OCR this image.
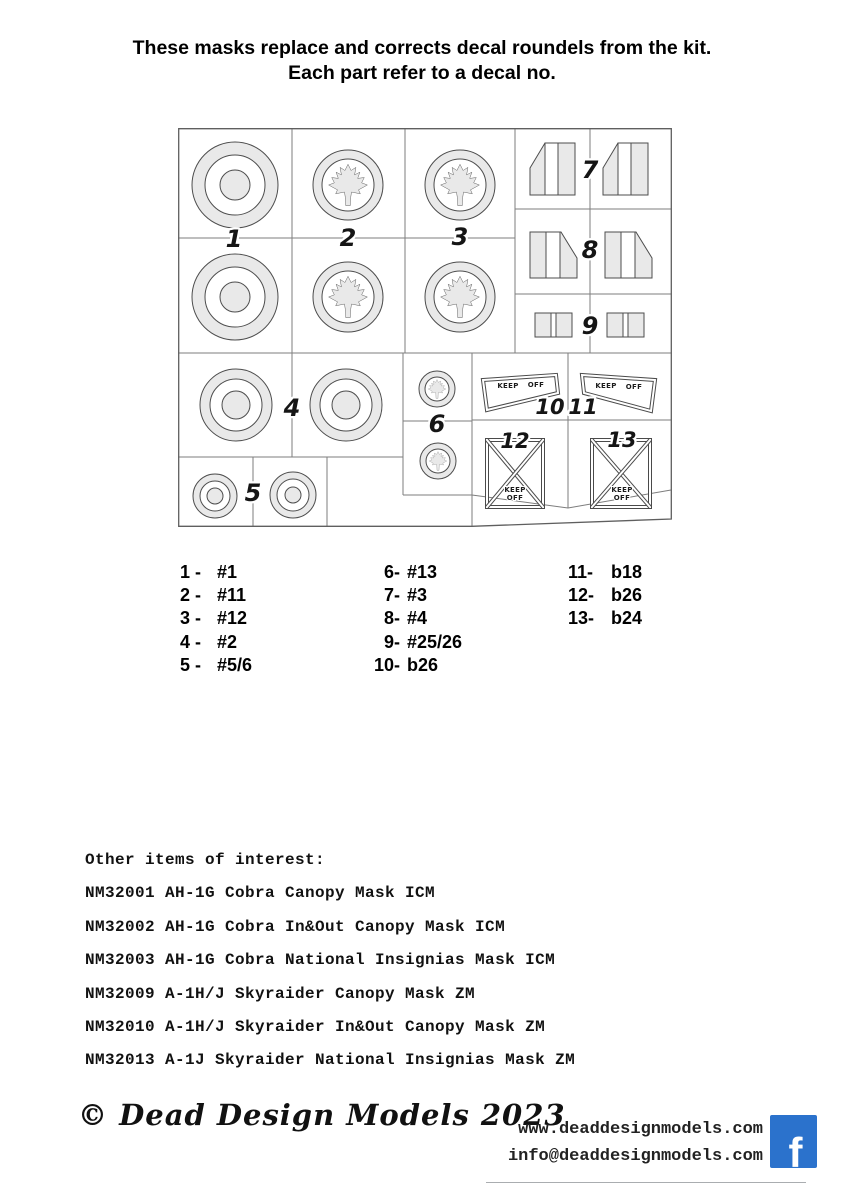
These masks replace and corrects decal roundels from the kit.
Each part refer to a decal no.
KEEP OFF	KEEP OFF
KEEP
OFF
KEEP
OFF
1	2	3
4
5
6
7
8
9
10 11
12	13
1 - #1
2 - #11
3 - #12
4 - #2
5 - #5/6
6- #13
7- #3
8- #4
9- #25/26
10- b26
11- b18
12- b26
13- b24
Other items of interest:
NM32001 AH-1G Cobra Canopy Mask ICM
NM32002 AH-1G Cobra In&Out Canopy Mask ICM
NM32003 AH-1G Cobra National Insignias Mask ICM
NM32009 A-1H/J Skyraider Canopy Mask ZM
NM32010 A-1H/J Skyraider In&Out Canopy Mask ZM
NM32013 A-1J Skyraider National Insignias Mask ZM
© Dead Design Models 2023
www.deaddesignmodels.com
info@deaddesignmodels.com f
